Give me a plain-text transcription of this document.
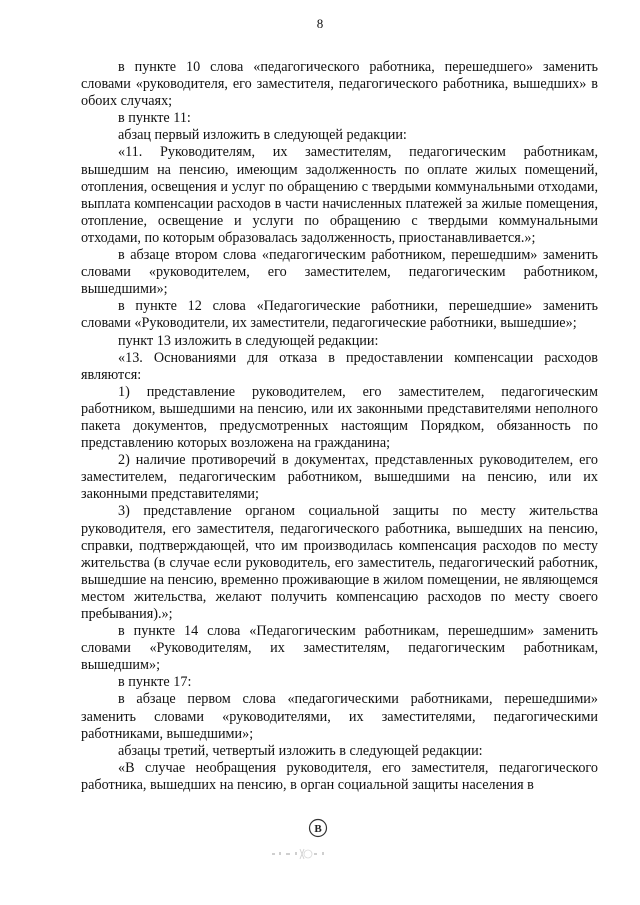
8

в пункте 10 слова «педагогического работника, перешедшего» заменить словами «руководителя, его заместителя, педагогического работника, вышедших» в обоих случаях;

в пункте 11:

абзац первый изложить в следующей редакции:

«11. Руководителям, их заместителям, педагогическим работникам, вышедшим на пенсию, имеющим задолженность по оплате жилых помещений, отопления, освещения и услуг по обращению с твердыми коммунальными отходами, выплата компенсации расходов в части начисленных платежей за жилые помещения, отопление, освещение и услуги по обращению с твердыми коммунальными отходами, по которым образовалась задолженность, приостанавливается.»;

в абзаце втором слова «педагогическим работником, перешедшим» заменить словами «руководителем, его заместителем, педагогическим работником, вышедшими»;

в пункте 12 слова «Педагогические работники, перешедшие» заменить словами «Руководители, их заместители, педагогические работники, вышедшие»;

пункт 13 изложить в следующей редакции:

«13. Основаниями для отказа в предоставлении компенсации расходов являются:

1) представление руководителем, его заместителем, педагогическим работником, вышедшими на пенсию, или их законными представителями неполного пакета документов, предусмотренных настоящим Порядком, обязанность по представлению которых возложена на гражданина;

2) наличие противоречий в документах, представленных руководителем, его заместителем, педагогическим работником, вышедшими на пенсию, или их законными представителями;

3) представление органом социальной защиты по месту жительства руководителя, его заместителя, педагогического работника, вышедших на пенсию, справки, подтверждающей, что им производилась компенсация расходов по месту жительства (в случае если руководитель, его заместитель, педагогический работник, вышедшие на пенсию, временно проживающие в жилом помещении, не являющемся местом жительства, желают получить компенсацию расходов по месту своего пребывания).»;

в пункте 14 слова «Педагогическим работникам, перешедшим» заменить словами «Руководителям, их заместителям, педагогическим работникам, вышедшим»;

в пункте 17:

в абзаце первом слова «педагогическими работниками, перешедшими» заменить словами «руководителями, их заместителями, педагогическими работниками, вышедшими»;

абзацы третий, четвертый изложить в следующей редакции:

«В случае необращения руководителя, его заместителя, педагогического работника, вышедших на пенсию, в орган социальной защиты населения в

В
